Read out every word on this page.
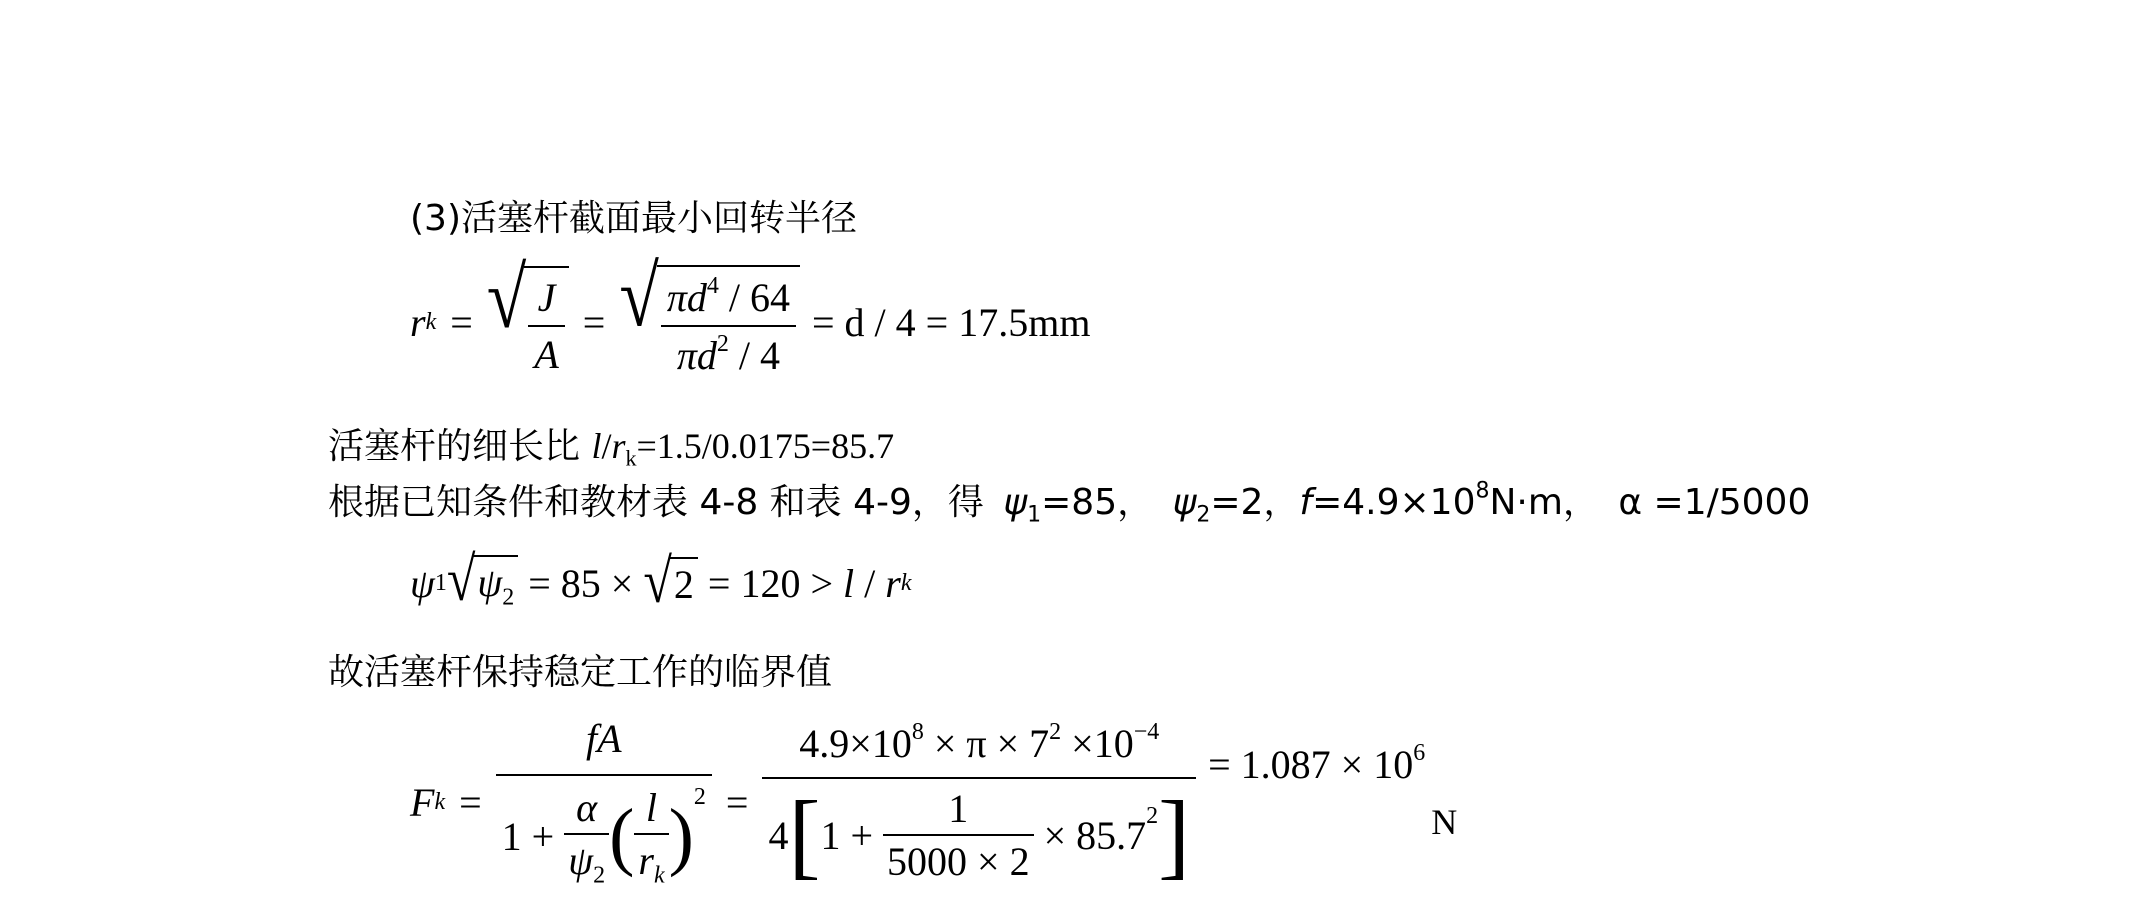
(3)活塞杆截面最小回转半径
r k = √ $\frac{J}{A}$ = √ $\frac{\pi d^4 / 64}{\pi d^2 / 4} = d / 4 = 17.5mm$
活塞杆的细长比 $l/r_k=1.5/0.0175=85.7$
根据已知条件和教材表 4-8 和表 4-9，得 $\psi_1=85$， $\psi_2=2$，$f=4.9\times 10^8N\cdot m$， α =1/5000
ψ 1 √ $\psi_2 = 85$ × √ 2 = 120 > l / r k
故活塞杆保持稳定工作的临界值
F k =
fA
$1 + \frac{\alpha}{\psi_2}$ ( $\frac{l}{r_k}$ ) 2 =
$4.9\times 10^8 \times \pi \times 7^2 \times 10^{-4}$
4 [ $1 + \frac{1}{5000 \times 2} \times 85.7$ 2 ]
= $1.087 \times 10^6$
N
